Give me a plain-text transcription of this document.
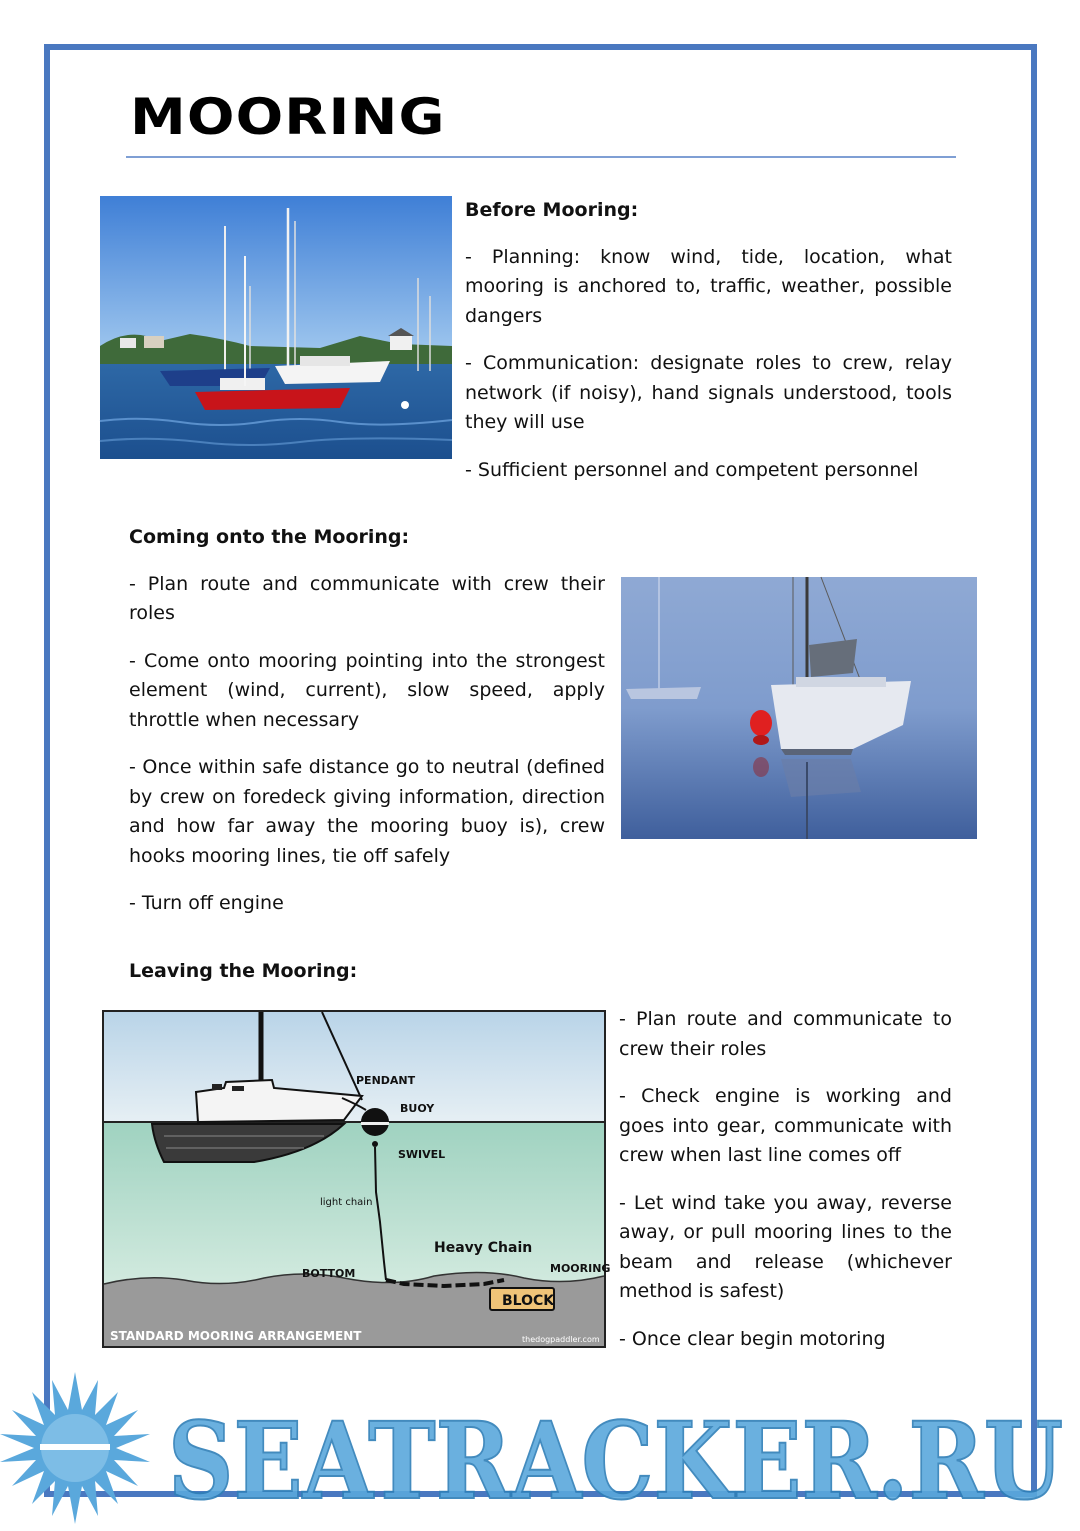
MOORING
Before Mooring:

- Planning: know wind, tide, location, what mooring is anchored to, traffic, weather, possible dangers

- Communication: designate roles to crew, relay network (if noisy), hand signals understood, tools they will use

- Sufficient personnel and competent personnel

Coming onto the Mooring:

- Plan route and communicate with crew their roles

- Come onto mooring pointing into the strongest element (wind, current), slow speed, apply throttle when necessary

- Once within safe distance go to neutral (defined by crew on foredeck giving information, direction and how far away the mooring buoy is), crew hooks mooring lines, tie off safely

- Turn off engine

Leaving the Mooring:
PENDANT
BUOY
SWIVEL
light chain
Heavy Chain
BOTTOM	MOORING
BLOCK
STANDARD MOORING ARRANGEMENT	thedogpaddler.com

- Plan route and communicate to crew their roles

- Check engine is working and goes into gear, communicate with crew when last line comes off

- Let wind take you away, reverse away, or pull mooring lines to the beam and release (whichever method is safest)

- Once clear begin motoring

SEATRACKER.RU
